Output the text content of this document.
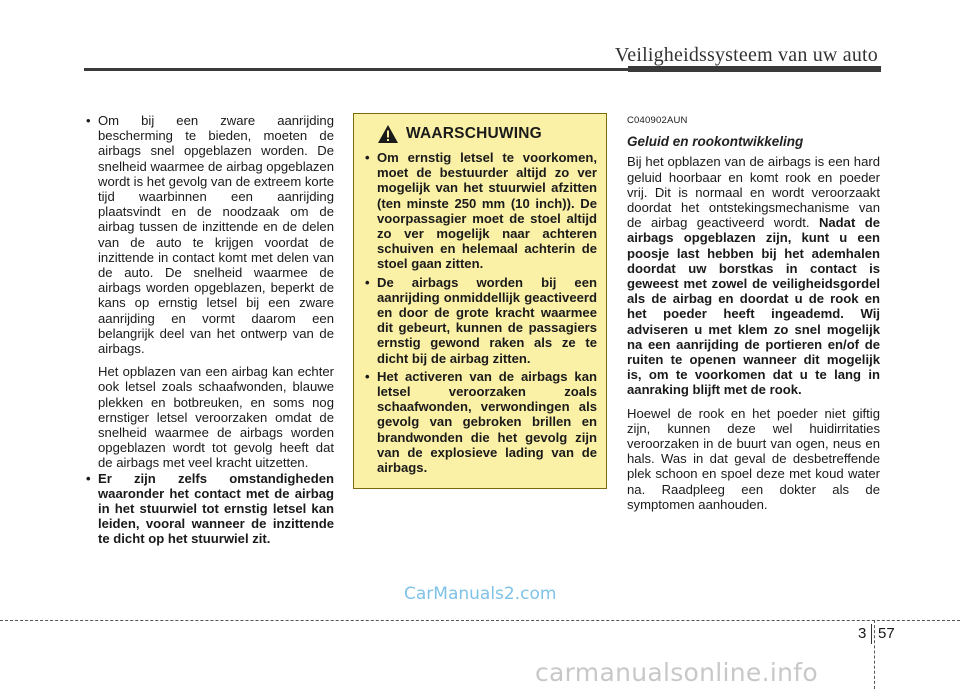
Veiligheidssysteem van uw auto
• Om bij een zware aanrijding bescherming te bieden, moeten de airbags snel opgeblazen worden. De snelheid waarmee de airbag opgeblazen wordt is het gevolg van de extreem korte tijd waarbinnen een aanrijding plaatsvindt en de noodzaak om de airbag tussen de inzittende en de delen van de auto te krijgen voordat de inzittende in contact komt met delen van de auto. De snelheid waarmee de airbags worden opgeblazen, beperkt de kans op ernstig letsel bij een zware aanrijding en vormt daarom een belangrijk deel van het ontwerp van de airbags.
Het opblazen van een airbag kan echter ook letsel zoals schaafwonden, blauwe plekken en botbreuken, en soms nog ernstiger letsel veroorzaken omdat de snelheid waarmee de airbags worden opgeblazen wordt tot gevolg heeft dat de airbags met veel kracht uitzetten.
• Er zijn zelfs omstandigheden waaronder het contact met de airbag in het stuurwiel tot ernstig letsel kan leiden, vooral wanneer de inzittende te dicht op het stuurwiel zit.
WAARSCHUWING
• Om ernstig letsel te voorkomen, moet de bestuurder altijd zo ver mogelijk van het stuurwiel afzitten (ten minste 250 mm (10 inch)). De voorpassagier moet de stoel altijd zo ver mogelijk naar achteren schuiven en helemaal achterin de stoel gaan zitten.
• De airbags worden bij een aanrijding onmiddellijk geactiveerd en door de grote kracht waarmee dit gebeurt, kunnen de passagiers ernstig gewond raken als ze te dicht bij de airbag zitten.
• Het activeren van de airbags kan letsel veroorzaken zoals schaafwonden, verwondingen als gevolg van gebroken brillen en brandwonden die het gevolg zijn van de explosieve lading van de airbags.
C040902AUN
Geluid en rookontwikkeling
Bij het opblazen van de airbags is een hard geluid hoorbaar en komt rook en poeder vrij. Dit is normaal en wordt veroorzaakt doordat het ontstekingsmechanisme van de airbag geactiveerd wordt. Nadat de airbags opgeblazen zijn, kunt u een poosje last hebben bij het ademhalen doordat uw borstkas in contact is geweest met zowel de veiligheidsgordel als de airbag en doordat u de rook en het poeder heeft ingeademd. Wij adviseren u met klem zo snel mogelijk na een aanrijding de portieren en/of de ruiten te openen wanneer dit mogelijk is, om te voorkomen dat u te lang in aanraking blijft met de rook.
Hoewel de rook en het poeder niet giftig zijn, kunnen deze wel huidirritaties veroorzaken in de buurt van ogen, neus en hals. Was in dat geval de desbetreffende plek schoon en spoel deze met koud water na. Raadpleeg een dokter als de symptomen aanhouden.
CarManuals2.com
3 57
carmanualsonline.info
